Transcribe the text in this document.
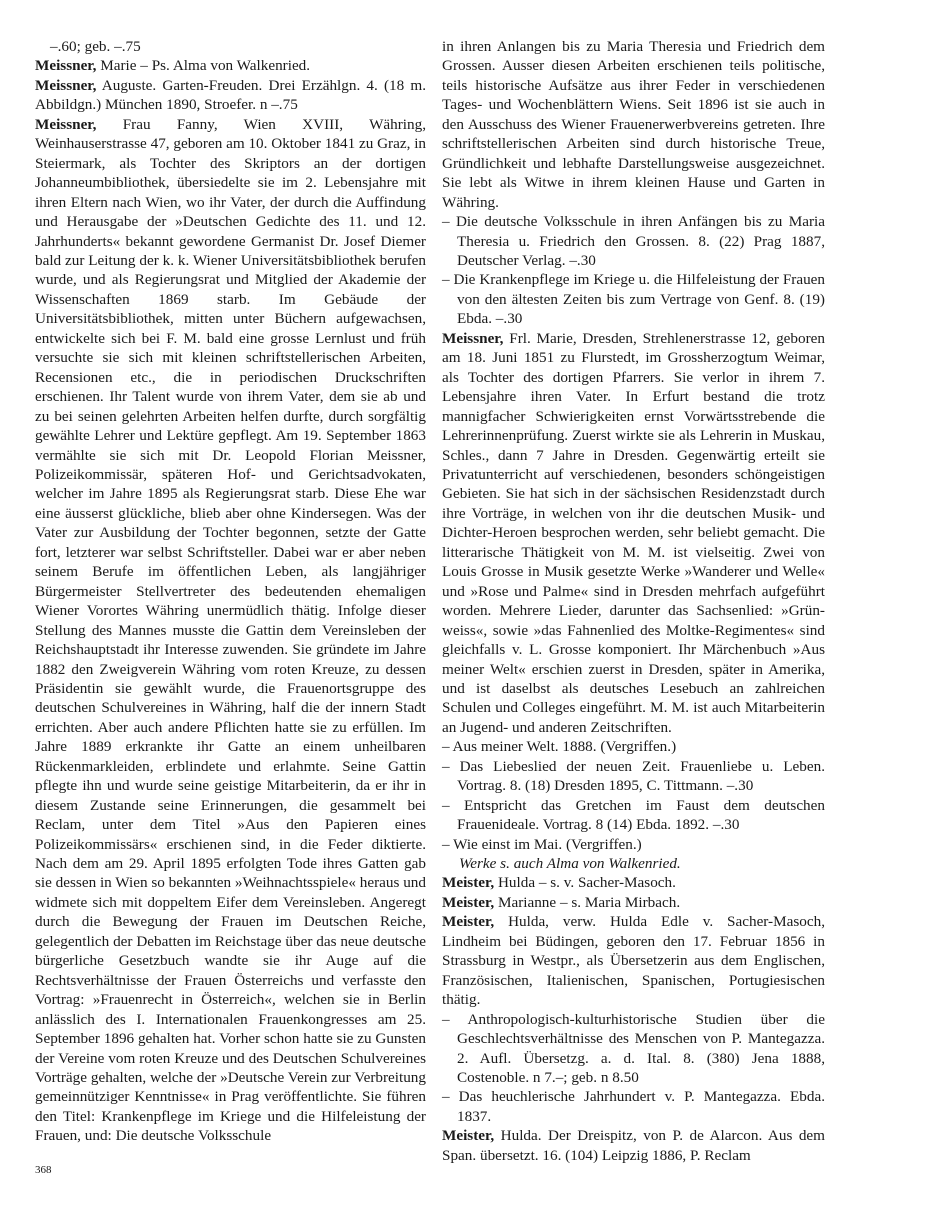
–.60; geb. –.75

Meissner, Marie – Ps. Alma von Walkenried.

Meissner, Auguste. Garten-Freuden. Drei Erzählgn. 4. (18 m. Abbildgn.) München 1890, Stroefer. n –.75

Meissner, Frau Fanny, Wien XVIII, Währing, Weinhauserstrasse 47, geboren am 10. Oktober 1841 zu Graz, in Steiermark, als Tochter des Skriptors an der dortigen Johanneumbibliothek, übersiedelte sie im 2. Lebensjahre mit ihren Eltern nach Wien, wo ihr Vater, der durch die Auffindung und Herausgabe der »Deutschen Gedichte des 11. und 12. Jahrhunderts« bekannt gewordene Germanist Dr. Josef Diemer bald zur Leitung der k. k. Wiener Universitätsbibliothek berufen wurde, und als Regierungsrat und Mitglied der Akademie der Wissenschaften 1869 starb. Im Gebäude der Universitätsbibliothek, mitten unter Büchern aufgewachsen, entwickelte sich bei F. M. bald eine grosse Lernlust und früh versuchte sie sich mit kleinen schriftstellerischen Arbeiten, Recensionen etc., die in periodischen Druckschriften erschienen. Ihr Talent wurde von ihrem Vater, dem sie ab und zu bei seinen gelehrten Arbeiten helfen durfte, durch sorgfältig gewählte Lehrer und Lektüre gepflegt. Am 19. September 1863 vermählte sie sich mit Dr. Leopold Florian Meissner, Polizeikommissär, späteren Hof- und Gerichtsadvokaten, welcher im Jahre 1895 als Regierungsrat starb. Diese Ehe war eine äusserst glückliche, blieb aber ohne Kindersegen. Was der Vater zur Ausbildung der Tochter begonnen, setzte der Gatte fort, letzterer war selbst Schriftsteller. Dabei war er aber neben seinem Berufe im öffentlichen Leben, als langjähriger Bürgermeister Stellvertreter des bedeutenden ehemaligen Wiener Vorortes Währing unermüdlich thätig. Infolge dieser Stellung des Mannes musste die Gattin dem Vereinsleben der Reichshauptstadt ihr Interesse zuwenden. Sie gründete im Jahre 1882 den Zweigverein Währing vom roten Kreuze, zu dessen Präsidentin sie gewählt wurde, die Frauenortsgruppe des deutschen Schulvereines in Währing, half die der innern Stadt errichten. Aber auch andere Pflichten hatte sie zu erfüllen. Im Jahre 1889 erkrankte ihr Gatte an einem unheilbaren Rückenmarkleiden, erblindete und erlahmte. Seine Gattin pflegte ihn und wurde seine geistige Mitarbeiterin, da er ihr in diesem Zustande seine Erinnerungen, die gesammelt bei Reclam, unter dem Titel »Aus den Papieren eines Polizeikommissärs« erschienen sind, in die Feder diktierte. Nach dem am 29. April 1895 erfolgten Tode ihres Gatten gab sie dessen in Wien so bekannten »Weihnachtsspiele« heraus und widmete sich mit doppeltem Eifer dem Vereinsleben. Angeregt durch die Bewegung der Frauen im Deutschen Reiche, gelegentlich der Debatten im Reichstage über das neue deutsche bürgerliche Gesetzbuch wandte sie ihr Auge auf die Rechtsverhältnisse der Frauen Österreichs und verfasste den Vortrag: »Frauenrecht in Österreich«, welchen sie in Berlin anlässlich des I. Internationalen Frauenkongresses am 25. September 1896 gehalten hat. Vorher schon hatte sie zu Gunsten der Vereine vom roten Kreuze und des Deutschen Schulvereines Vorträge gehalten, welche der »Deutsche Verein zur Verbreitung gemeinnütziger Kenntnisse« in Prag veröffentlichte. Sie führen den Titel: Krankenpflege im Kriege und die Hilfeleistung der Frauen, und: Die deutsche Volksschule

in ihren Anlangen bis zu Maria Theresia und Friedrich dem Grossen. Ausser diesen Arbeiten erschienen teils politische, teils historische Aufsätze aus ihrer Feder in verschiedenen Tages- und Wochenblättern Wiens. Seit 1896 ist sie auch in den Ausschuss des Wiener Frauenerwerbvereins getreten. Ihre schriftstellerischen Arbeiten sind durch historische Treue, Gründlichkeit und lebhafte Darstellungsweise ausgezeichnet. Sie lebt als Witwe in ihrem kleinen Hause und Garten in Währing.

– Die deutsche Volksschule in ihren Anfängen bis zu Maria Theresia u. Friedrich den Grossen. 8. (22) Prag 1887, Deutscher Verlag. –.30

– Die Krankenpflege im Kriege u. die Hilfeleistung der Frauen von den ältesten Zeiten bis zum Vertrage von Genf. 8. (19) Ebda. –.30

Meissner, Frl. Marie, Dresden, Strehlenerstrasse 12, geboren am 18. Juni 1851 zu Flurstedt, im Grossherzogtum Weimar, als Tochter des dortigen Pfarrers. Sie verlor in ihrem 7. Lebensjahre ihren Vater. In Erfurt bestand die trotz mannigfacher Schwierigkeiten ernst Vorwärtsstrebende die Lehrerinnenprüfung. Zuerst wirkte sie als Lehrerin in Muskau, Schles., dann 7 Jahre in Dresden. Gegenwärtig erteilt sie Privatunterricht auf verschiedenen, besonders schöngeistigen Gebieten. Sie hat sich in der sächsischen Residenzstadt durch ihre Vorträge, in welchen von ihr die deutschen Musik- und Dichter-Heroen besprochen werden, sehr beliebt gemacht. Die litterarische Thätigkeit von M. M. ist vielseitig. Zwei von Louis Grosse in Musik gesetzte Werke »Wanderer und Welle« und »Rose und Palme« sind in Dresden mehrfach aufgeführt worden. Mehrere Lieder, darunter das Sachsenlied: »Grün-weiss«, sowie »das Fahnenlied des Moltke-Regimentes« sind gleichfalls v. L. Grosse komponiert. Ihr Märchenbuch »Aus meiner Welt« erschien zuerst in Dresden, später in Amerika, und ist daselbst als deutsches Lesebuch an zahlreichen Schulen und Colleges eingeführt. M. M. ist auch Mitarbeiterin an Jugend- und anderen Zeitschriften.

– Aus meiner Welt. 1888. (Vergriffen.)

– Das Liebeslied der neuen Zeit. Frauenliebe u. Leben. Vortrag. 8. (18) Dresden 1895, C. Tittmann. –.30

– Entspricht das Gretchen im Faust dem deutschen Frauenideale. Vortrag. 8 (14) Ebda. 1892. –.30

– Wie einst im Mai. (Vergriffen.)

Werke s. auch Alma von Walkenried.

Meister, Hulda – s. v. Sacher-Masoch.

Meister, Marianne – s. Maria Mirbach.

Meister, Hulda, verw. Hulda Edle v. Sacher-Masoch, Lindheim bei Büdingen, geboren den 17. Februar 1856 in Strassburg in Westpr., als Übersetzerin aus dem Englischen, Französischen, Italienischen, Spanischen, Portugiesischen thätig.

– Anthropologisch-kulturhistorische Studien über die Geschlechtsverhältnisse des Menschen von P. Mantegazza. 2. Aufl. Übersetzg. a. d. Ital. 8. (380) Jena 1888, Costenoble. n 7.–; geb. n 8.50

– Das heuchlerische Jahrhundert v. P. Mantegazza. Ebda. 1837.

Meister, Hulda. Der Dreispitz, von P. de Alarcon. Aus dem Span. übersetzt. 16. (104) Leipzig 1886, P. Reclam

368
